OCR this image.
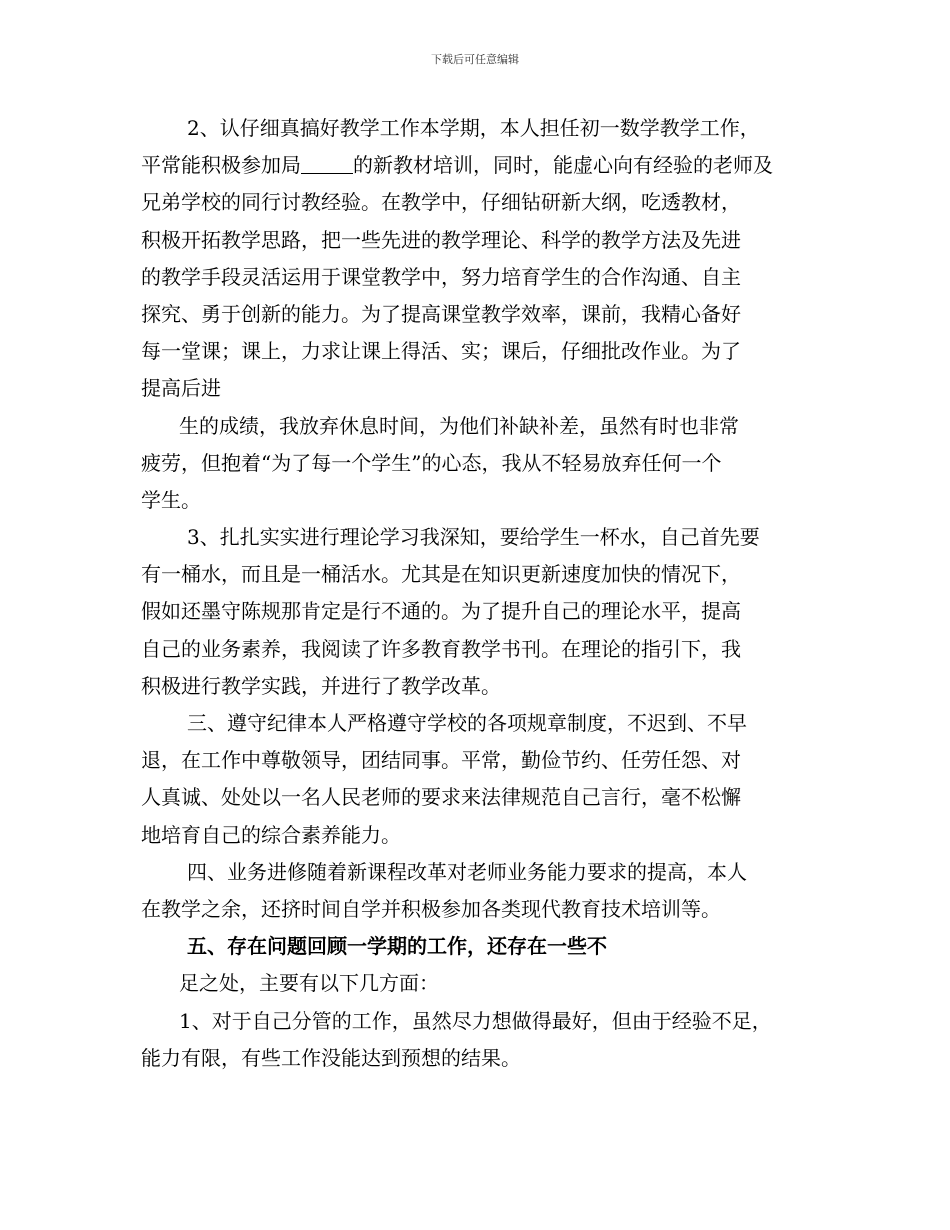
下载后可任意编辑
2、认仔细真搞好教学工作本学期，本人担任初一数学教学工作，
平常能积极参加局	的新教材培训，同时，能虚心向有经验的老师及
兄弟学校的同行讨教经验。在教学中，仔细钻研新大纲，吃透教材，
积极开拓教学思路，把一些先进的教学理论、科学的教学方法及先进
的教学手段灵活运用于课堂教学中，努力培育学生的合作沟通、自主
探究、勇于创新的能力。为了提高课堂教学效率，课前，我精心备好
每一堂课；课上，力求让课上得活、实；课后，仔细批改作业。为了
提高后进
生的成绩，我放弃休息时间，为他们补缺补差，虽然有时也非常
疲劳，但抱着“为了每一个学生”的心态，我从不轻易放弃任何一个
学生。
3、扎扎实实进行理论学习我深知，要给学生一杯水，自己首先要
有一桶水，而且是一桶活水。尤其是在知识更新速度加快的情况下，
假如还墨守陈规那肯定是行不通的。为了提升自己的理论水平，提高
自己的业务素养，我阅读了许多教育教学书刊。在理论的指引下，我
积极进行教学实践，并进行了教学改革。
三、遵守纪律本人严格遵守学校的各项规章制度，不迟到、不早
退，在工作中尊敬领导，团结同事。平常，勤俭节约、任劳任怨、对
人真诚、处处以一名人民老师的要求来法律规范自己言行，毫不松懈
地培育自己的综合素养能力。
四、业务进修随着新课程改革对老师业务能力要求的提高，本人
在教学之余，还挤时间自学并积极参加各类现代教育技术培训等。
五、存在问题回顾一学期的工作，还存在一些不
足之处，主要有以下几方面：
1、对于自己分管的工作，虽然尽力想做得最好，但由于经验不足，
能力有限，有些工作没能达到预想的结果。
